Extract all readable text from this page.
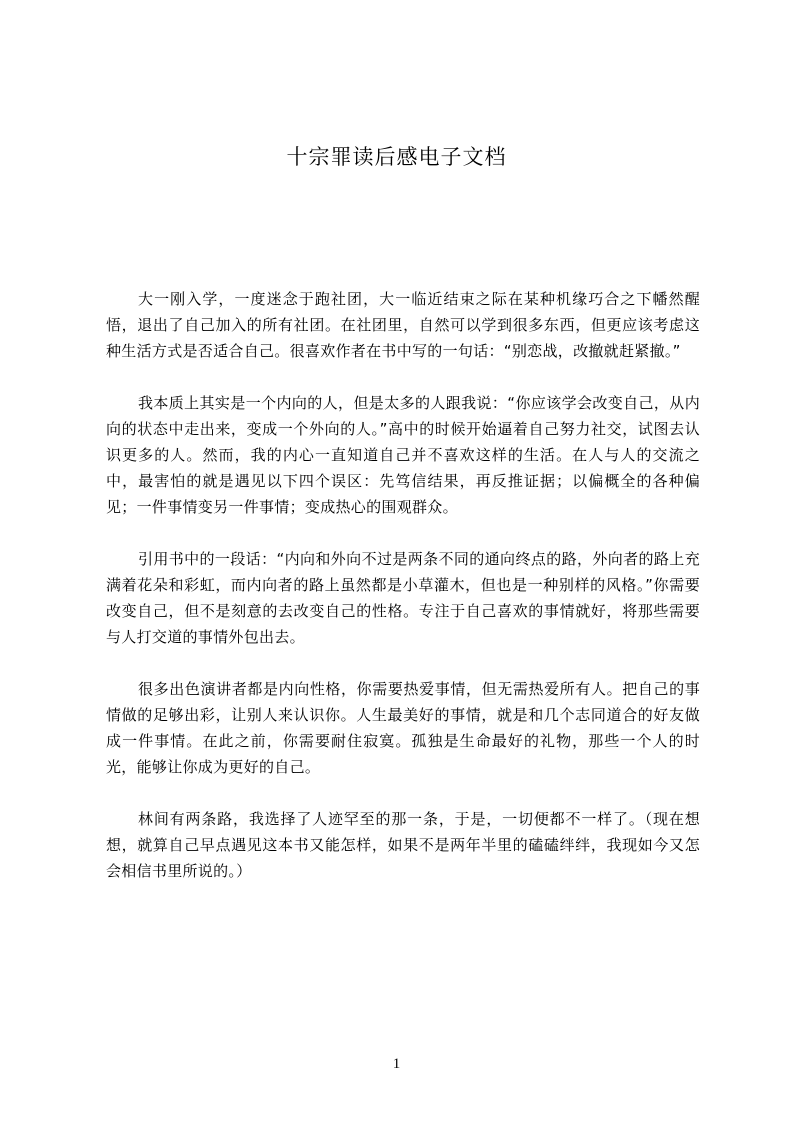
十宗罪读后感电子文档

大一刚入学，一度迷念于跑社团，大一临近结束之际在某种机缘巧合之下幡然醒悟，退出了自己加入的所有社团。在社团里，自然可以学到很多东西，但更应该考虑这种生活方式是否适合自己。很喜欢作者在书中写的一句话：“别恋战，改撤就赶紧撤。”

我本质上其实是一个内向的人，但是太多的人跟我说：“你应该学会改变自己，从内向的状态中走出来，变成一个外向的人。”高中的时候开始逼着自己努力社交，试图去认识更多的人。然而，我的内心一直知道自己并不喜欢这样的生活。在人与人的交流之中，最害怕的就是遇见以下四个误区：先笃信结果，再反推证据；以偏概全的各种偏见；一件事情变另一件事情；变成热心的围观群众。

引用书中的一段话：“内向和外向不过是两条不同的通向终点的路，外向者的路上充满着花朵和彩虹，而内向者的路上虽然都是小草灌木，但也是一种别样的风格。”你需要改变自己，但不是刻意的去改变自己的性格。专注于自己喜欢的事情就好，将那些需要与人打交道的事情外包出去。

很多出色演讲者都是内向性格，你需要热爱事情，但无需热爱所有人。把自己的事情做的足够出彩，让别人来认识你。人生最美好的事情，就是和几个志同道合的好友做成一件事情。在此之前，你需要耐住寂寞。孤独是生命最好的礼物，那些一个人的时光，能够让你成为更好的自己。

林间有两条路，我选择了人迹罕至的那一条，于是，一切便都不一样了。（现在想想，就算自己早点遇见这本书又能怎样，如果不是两年半里的磕磕绊绊，我现如今又怎会相信书里所说的。）

1
